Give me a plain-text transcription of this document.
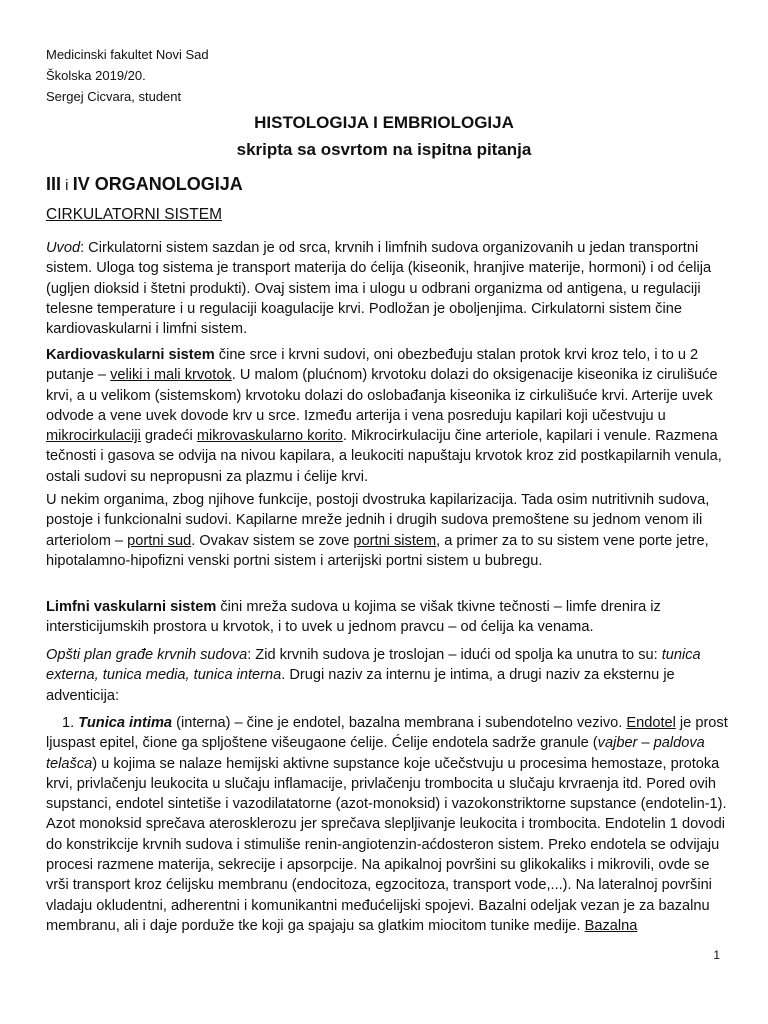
Medicinski fakultet Novi Sad
Školska 2019/20.
Sergej Cicvara, student
HISTOLOGIJA I EMBRIOLOGIJA
skripta sa osvrtom na ispitna pitanja
III i IV ORGANOLOGIJA
CIRKULATORNI SISTEM

Uvod: Cirkulatorni sistem sazdan je od srca, krvnih i limfnih sudova organizovanih u jedan transportni sistem. Uloga tog sistema je transport materija do ćelija (kiseonik, hranjive materije, hormoni) i od ćelija (ugljen dioksid i štetni produkti). Ovaj sistem ima i ulogu u odbrani organizma od antigena, u regulaciji telesne temperature i u regulaciji koagulacije krvi. Podložan je oboljenjima. Cirkulatorni sistem čine kardiovaskularni i limfni sistem.

Kardiovaskularni sistem čine srce i krvni sudovi, oni obezbeđuju stalan protok krvi kroz telo, i to u 2 putanje – veliki i mali krvotok. U malom (plućnom) krvotoku dolazi do oksigenacije kiseonika iz cirulišuće krvi, a u velikom (sistemskom) krvotoku dolazi do oslobađanja kiseonika iz cirkulišuće krvi. Arterije uvek odvode a vene uvek dovode krv u srce. Između arterija i vena posreduju kapilari koji učestvuju u mikrocirkulaciji gradeći mikrovaskularno korito. Mikrocirkulaciju čine arteriole, kapilari i venule. Razmena tečnosti i gasova se odvija na nivou kapilara, a leukociti napuštaju krvotok kroz zid postkapilarnih venula, ostali sudovi su nepropusni za plazmu i ćelije krvi.

U nekim organima, zbog njihove funkcije, postoji dvostruka kapilarizacija. Tada osim nutritivnih sudova, postoje i funkcionalni sudovi. Kapilarne mreže jednih i drugih sudova premoštene su jednom venom ili arteriolom – portni sud. Ovakav sistem se zove portni sistem, a primer za to su sistem vene porte jetre, hipotalamno-hipofizni venski portni sistem i arterijski portni sistem u bubregu.

Limfni vaskularni sistem čini mreža sudova u kojima se višak tkivne tečnosti – limfe drenira iz intersticijumskih prostora u krvotok, i to uvek u jednom pravcu – od ćelija ka venama.

Opšti plan građe krvnih sudova: Zid krvnih sudova je troslojan – idući od spolja ka unutra to su: tunica externa, tunica media, tunica interna. Drugi naziv za internu je intima, a drugi naziv za eksternu je adventicija:

1. Tunica intima (interna) – čine je endotel, bazalna membrana i subendotelno vezivo. Endotel je prost ljuspast epitel, čione ga spljoštene višeugaone ćelije. Ćelije endotela sadrže granule (vajber – paldova telašca) u kojima se nalaze hemijski aktivne supstance koje učečstvuju u procesima hemostaze, protoka krvi, privlačenju leukocita u slučaju inflamacije, privlačenju trombocita u slučaju krvraenja itd. Pored ovih supstanci, endotel sintetiše i vazodilatatorne (azot-monoksid) i vazokonstriktorne supstance (endotelin-1). Azot monoksid sprečava aterosklerozu jer sprečava slepljivanje leukocita i trombocita. Endotelin 1 dovodi do konstrikcije krvnih sudova i stimuliše renin-angiotenzin-aćdosteron sistem. Preko endotela se odvijaju procesi razmene materija, sekrecije i apsorpcije. Na apikalnoj površini su glikokaliks i mikrovili, ovde se vrši transport kroz ćelijsku membranu (endocitoza, egzocitoza, transport vode,...). Na lateralnoj površini vladaju okludentni, adherentni i komunikantni međućelijski spojevi. Bazalni odeljak vezan je za bazalnu membranu, ali i daje porduže tke koji ga spajaju sa glatkim miocitom tunike medije. Bazalna

1
